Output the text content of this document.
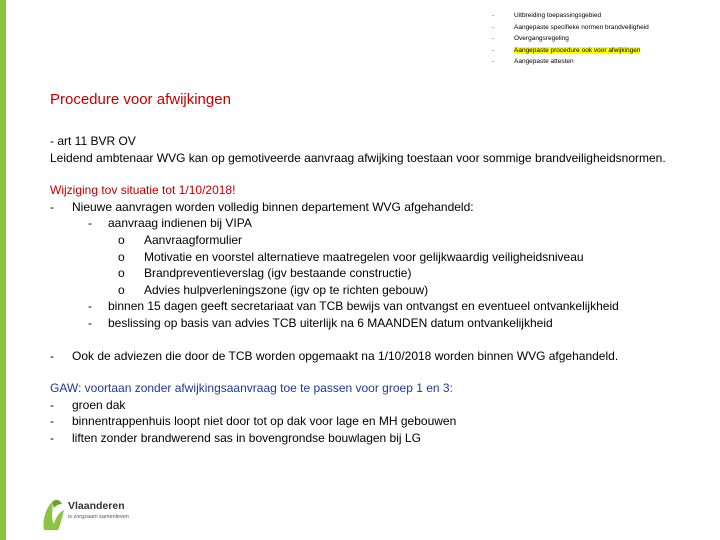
- Uitbreiding toepassingsgebied
- Aangepaste specifieke normen brandveiligheid
- Overgangsregeling
- Aangepaste procedure ook voor afwijkingen
- Aangepaste attesten
Procedure voor afwijkingen

- art 11 BVR OV

Leidend ambtenaar WVG kan op gemotiveerde aanvraag afwijking toestaan voor sommige brandveiligheidsnormen.

Wijziging tov situatie tot 1/10/2018!

-	Nieuwe aanvragen worden volledig binnen departement WVG afgehandeld:
- aanvraag indienen bij VIPA
o Aanvraagformulier
o Motivatie en voorstel alternatieve maatregelen voor gelijkwaardig veiligheidsniveau
o Brandpreventieverslag (igv bestaande constructie)
o Advies hulpverleningszone (igv op te richten gebouw)
- binnen 15 dagen geeft secretariaat van TCB bewijs van ontvangst en eventueel ontvankelijkheid
- beslissing op basis van advies TCB uiterlijk na 6 MAANDEN datum ontvankelijkheid
-	Ook de adviezen die door de TCB worden opgemaakt na 1/10/2018 worden binnen WVG afgehandeld.

GAW: voortaan zonder afwijkingsaanvraag toe te passen voor groep 1 en 3:

-	groen dak
-	binnentrappenhuis loopt niet door tot op dak voor lage en MH gebouwen
-	liften zonder brandwerend sas in bovengrondse bouwlagen bij LG
Vlaanderen
is zorgzaam samenleven
